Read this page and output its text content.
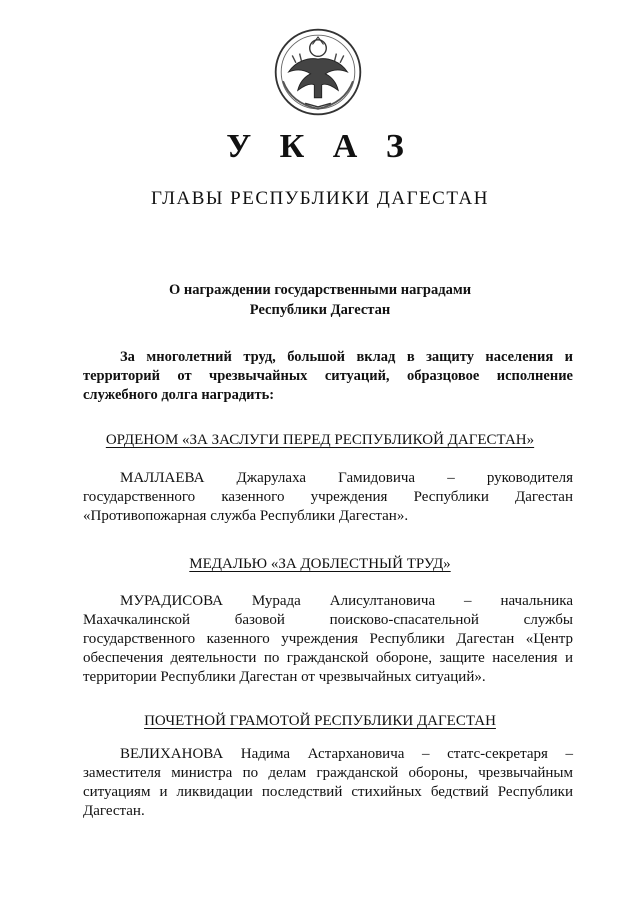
У К А З
ГЛАВЫ РЕСПУБЛИКИ ДАГЕСТАН
О награждении государственными наградами
Республики Дагестан
За многолетний труд, большой вклад в защиту населения и
территорий от чрезвычайных ситуаций, образцовое исполнение
служебного долга наградить:
ОРДЕНОМ «ЗА ЗАСЛУГИ ПЕРЕД РЕСПУБЛИКОЙ ДАГЕСТАН»
МАЛЛАЕВА Джарулаха Гамидовича – руководителя
государственного казенного учреждения Республики Дагестан
«Противопожарная служба Республики Дагестан».
МЕДАЛЬЮ «ЗА ДОБЛЕСТНЫЙ ТРУД»
МУРАДИСОВА Мурада Алисултановича – начальника
Махачкалинской базовой поисково-спасательной службы
государственного казенного учреждения Республики Дагестан «Центр
обеспечения деятельности по гражданской обороне, защите населения и
территории Республики Дагестан от чрезвычайных ситуаций».
ПОЧЕТНОЙ ГРАМОТОЙ РЕСПУБЛИКИ ДАГЕСТАН
ВЕЛИХАНОВА Надима Астархановича – статс-секретаря –
заместителя министра по делам гражданской обороны, чрезвычайным
ситуациям и ликвидации последствий стихийных бедствий Республики
Дагестан.
